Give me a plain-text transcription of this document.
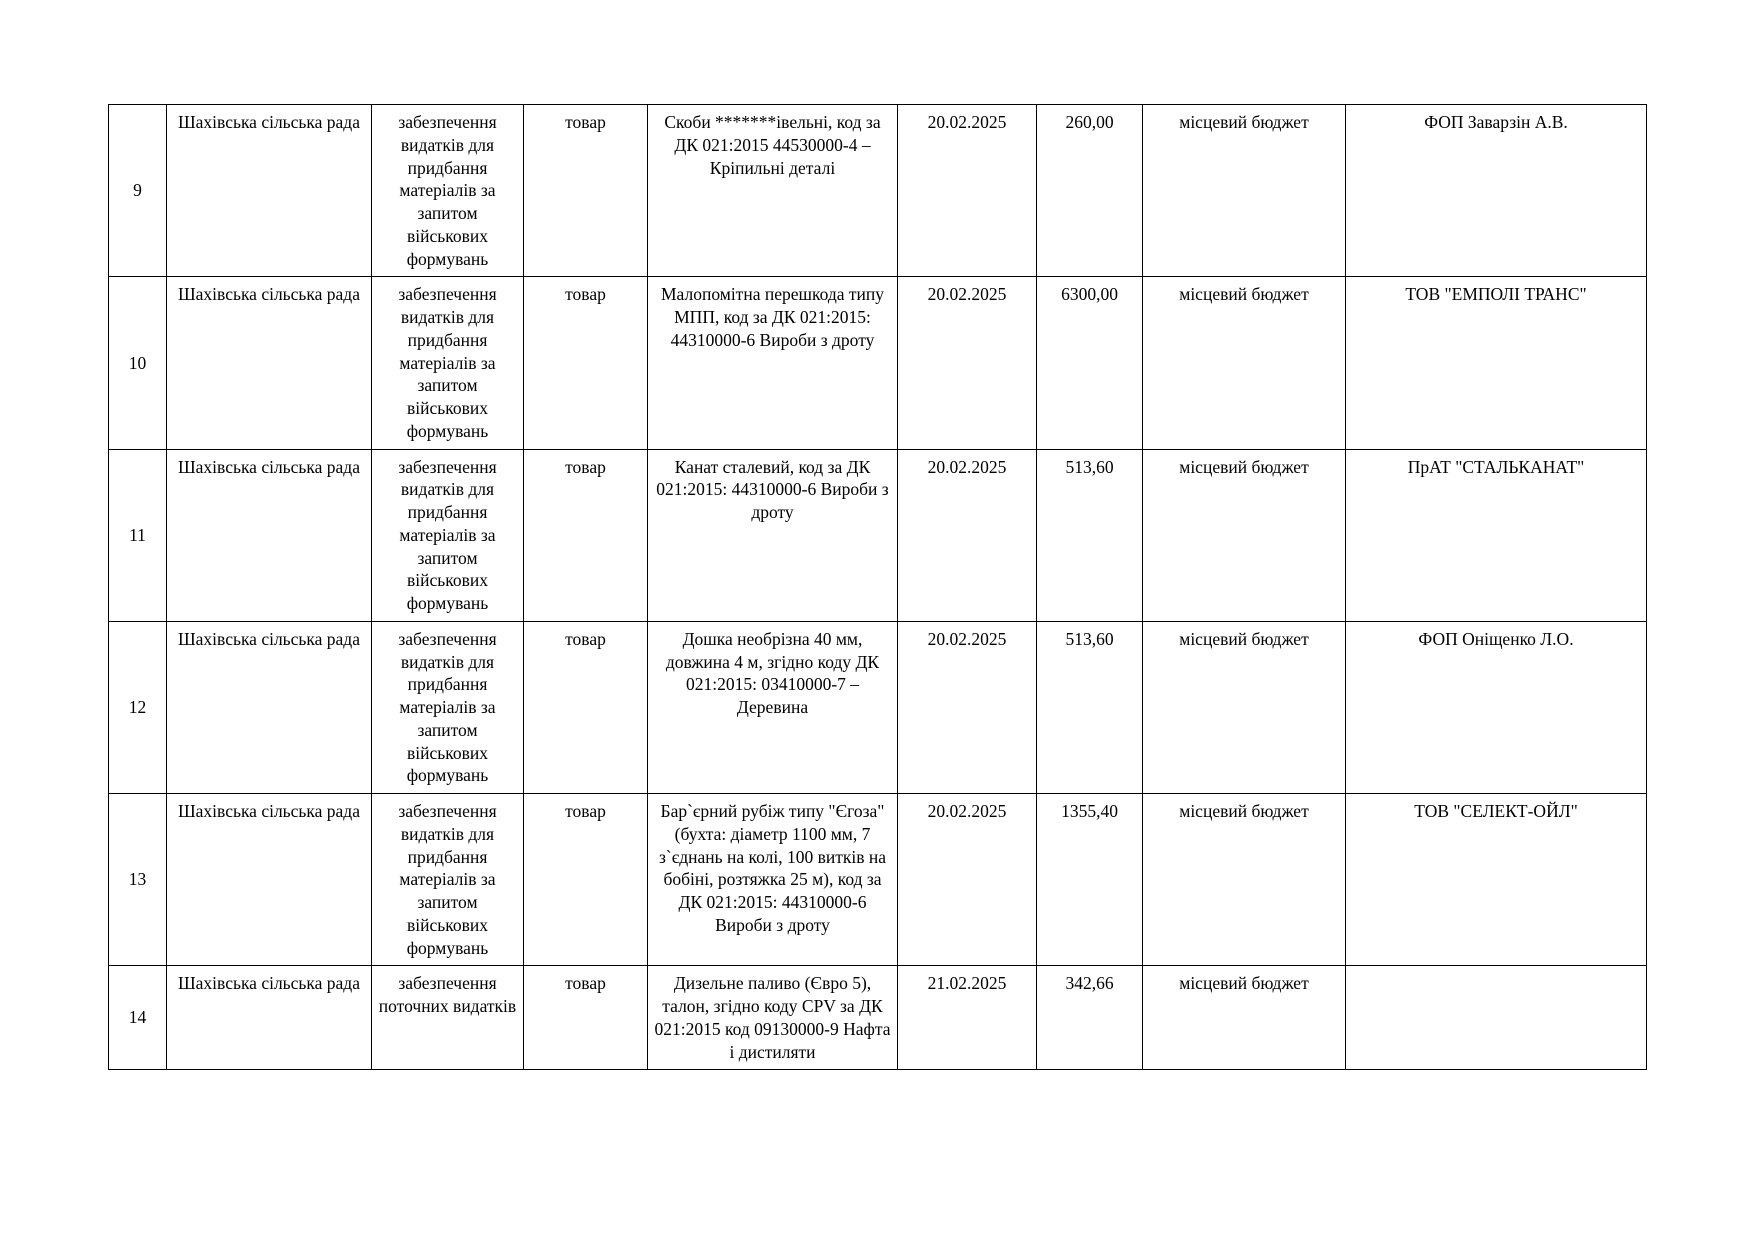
9	Шахівська сільська рада	забезпечення видатків для придбання матеріалів за запитом військових формувань	товар	Скоби *******івельні, код за ДК 021:2015 44530000-4 – Кріпильні деталі	20.02.2025	260,00	місцевий бюджет	ФОП Заварзін А.В.
10	Шахівська сільська рада	забезпечення видатків для придбання матеріалів за запитом військових формувань	товар	Малопомітна перешкода типу МПП, код за ДК 021:2015: 44310000-6 Вироби з дроту	20.02.2025	6300,00	місцевий бюджет	ТОВ "ЕМПОЛІ ТРАНС"
11	Шахівська сільська рада	забезпечення видатків для придбання матеріалів за запитом військових формувань	товар	Канат сталевий, код за ДК 021:2015: 44310000-6 Вироби з дроту	20.02.2025	513,60	місцевий бюджет	ПрАТ "СТАЛЬКАНАТ"
12	Шахівська сільська рада	забезпечення видатків для придбання матеріалів за запитом військових формувань	товар	Дошка необрізна 40 мм, довжина 4 м, згідно коду ДК 021:2015: 03410000-7 – Деревина	20.02.2025	513,60	місцевий бюджет	ФОП Оніщенко Л.О.
13	Шахівська сільська рада	забезпечення видатків для придбання матеріалів за запитом військових формувань	товар	Бар`єрний рубіж типу "Єгоза" (бухта: діаметр 1100 мм, 7 з`єднань на колі, 100 витків на бобіні, розтяжка 25 м), код за ДК 021:2015: 44310000-6 Вироби з дроту	20.02.2025	1355,40	місцевий бюджет	ТОВ "СЕЛЕКТ-ОЙЛ"
14	Шахівська сільська рада	забезпечення поточних видатків	товар	Дизельне паливо (Євро 5), талон, згідно коду CPV за ДК 021:2015 код 09130000-9 Нафта і дистиляти	21.02.2025	342,66	місцевий бюджет	
